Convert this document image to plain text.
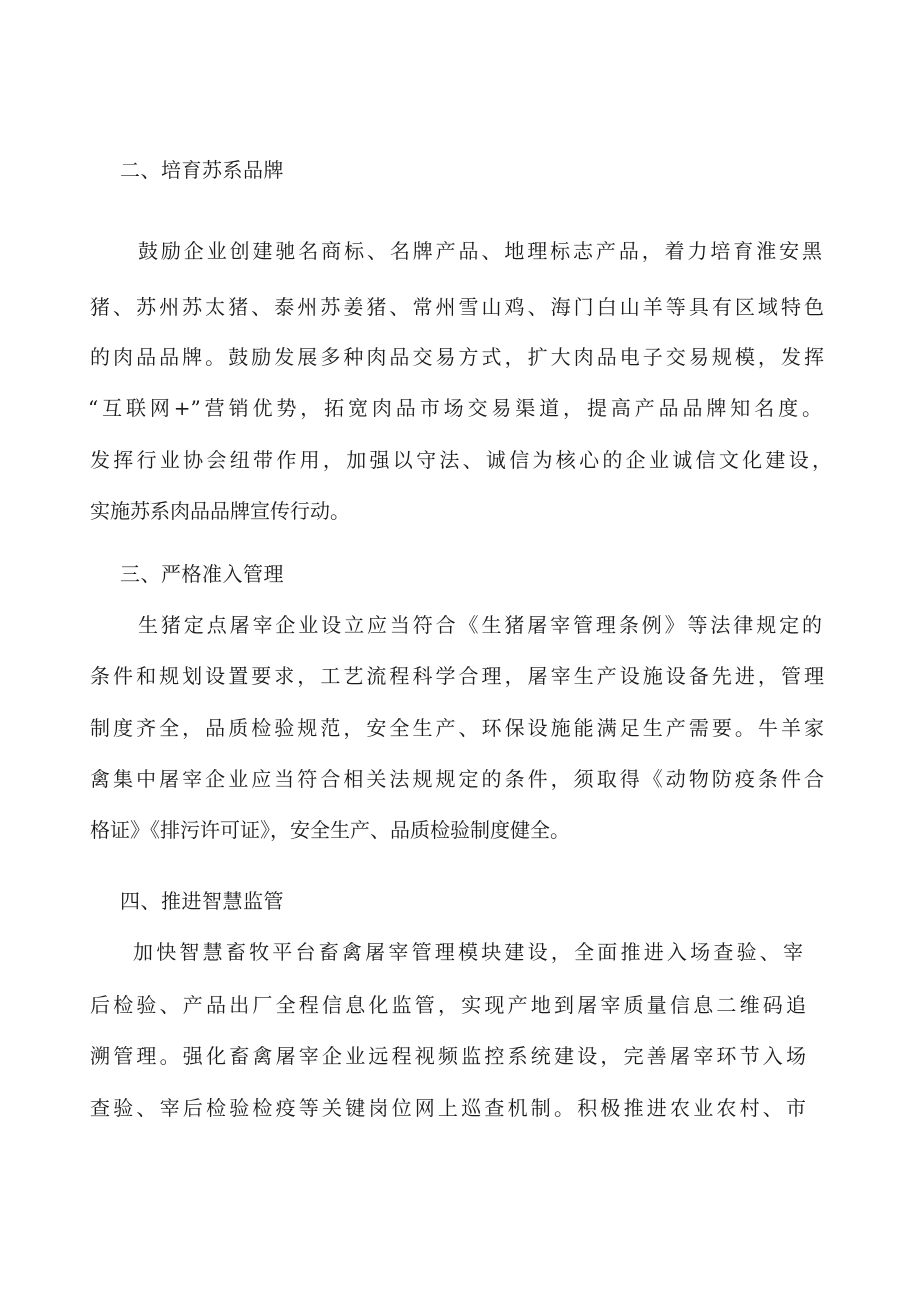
二、培育苏系品牌

鼓励企业创建驰名商标、名牌产品、地理标志产品，着力培育淮安黑

猪、苏州苏太猪、泰州苏姜猪、常州雪山鸡、海门白山羊等具有区域特色

的肉品品牌。鼓励发展多种肉品交易方式，扩大肉品电子交易规模，发挥

“互联网+”营销优势，拓宽肉品市场交易渠道，提高产品品牌知名度。

发挥行业协会纽带作用，加强以守法、诚信为核心的企业诚信文化建设，

实施苏系肉品品牌宣传行动。

三、严格准入管理

生猪定点屠宰企业设立应当符合《生猪屠宰管理条例》等法律规定的

条件和规划设置要求，工艺流程科学合理，屠宰生产设施设备先进，管理

制度齐全，品质检验规范，安全生产、环保设施能满足生产需要。牛羊家

禽集中屠宰企业应当符合相关法规规定的条件，须取得《动物防疫条件合

格证》《排污许可证》，安全生产、品质检验制度健全。

四、推进智慧监管

加快智慧畜牧平台畜禽屠宰管理模块建设，全面推进入场查验、宰

后检验、产品出厂全程信息化监管，实现产地到屠宰质量信息二维码追

溯管理。强化畜禽屠宰企业远程视频监控系统建设，完善屠宰环节入场

查验、宰后检验检疫等关键岗位网上巡查机制。积极推进农业农村、市
